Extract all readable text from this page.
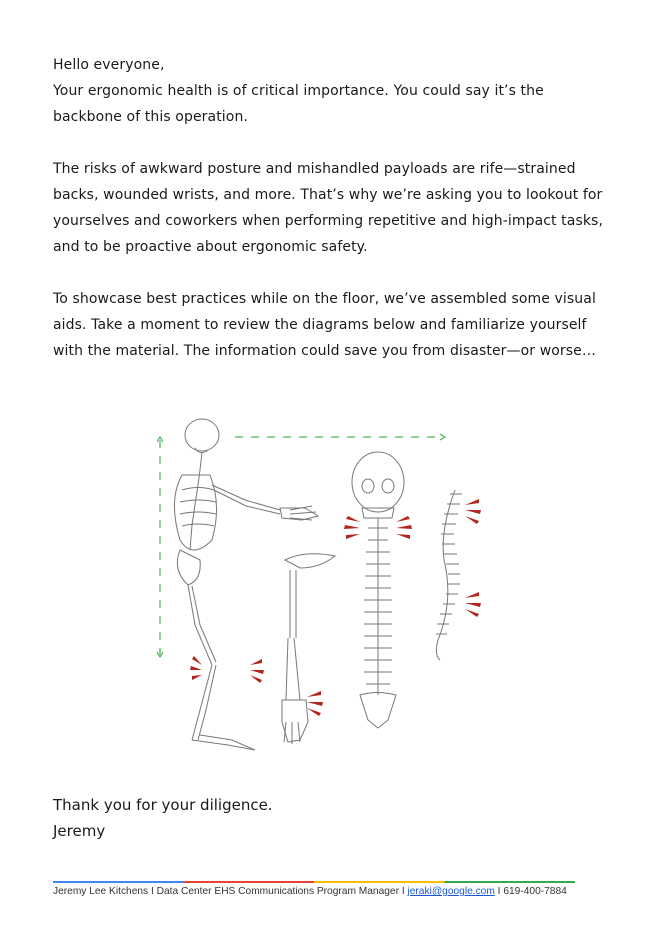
Hello everyone,

Your ergonomic health is of critical importance. You could say it’s the backbone of this operation.

The risks of awkward posture and mishandled payloads are rife—strained backs, wounded wrists, and more. That’s why we’re asking you to lookout for yourselves and coworkers when performing repetitive and high-impact tasks, and to be proactive about ergonomic safety.

To showcase best practices while on the floor, we’ve assembled some visual aids. Take a moment to review the diagrams below and familiarize yourself with the material. The information could save you from disaster—or worse…

Thank you for your diligence.
Jeremy
Jeremy Lee Kitchens I Data Center EHS Communications Program Manager I jeraki@google.com I 619-400-7884
